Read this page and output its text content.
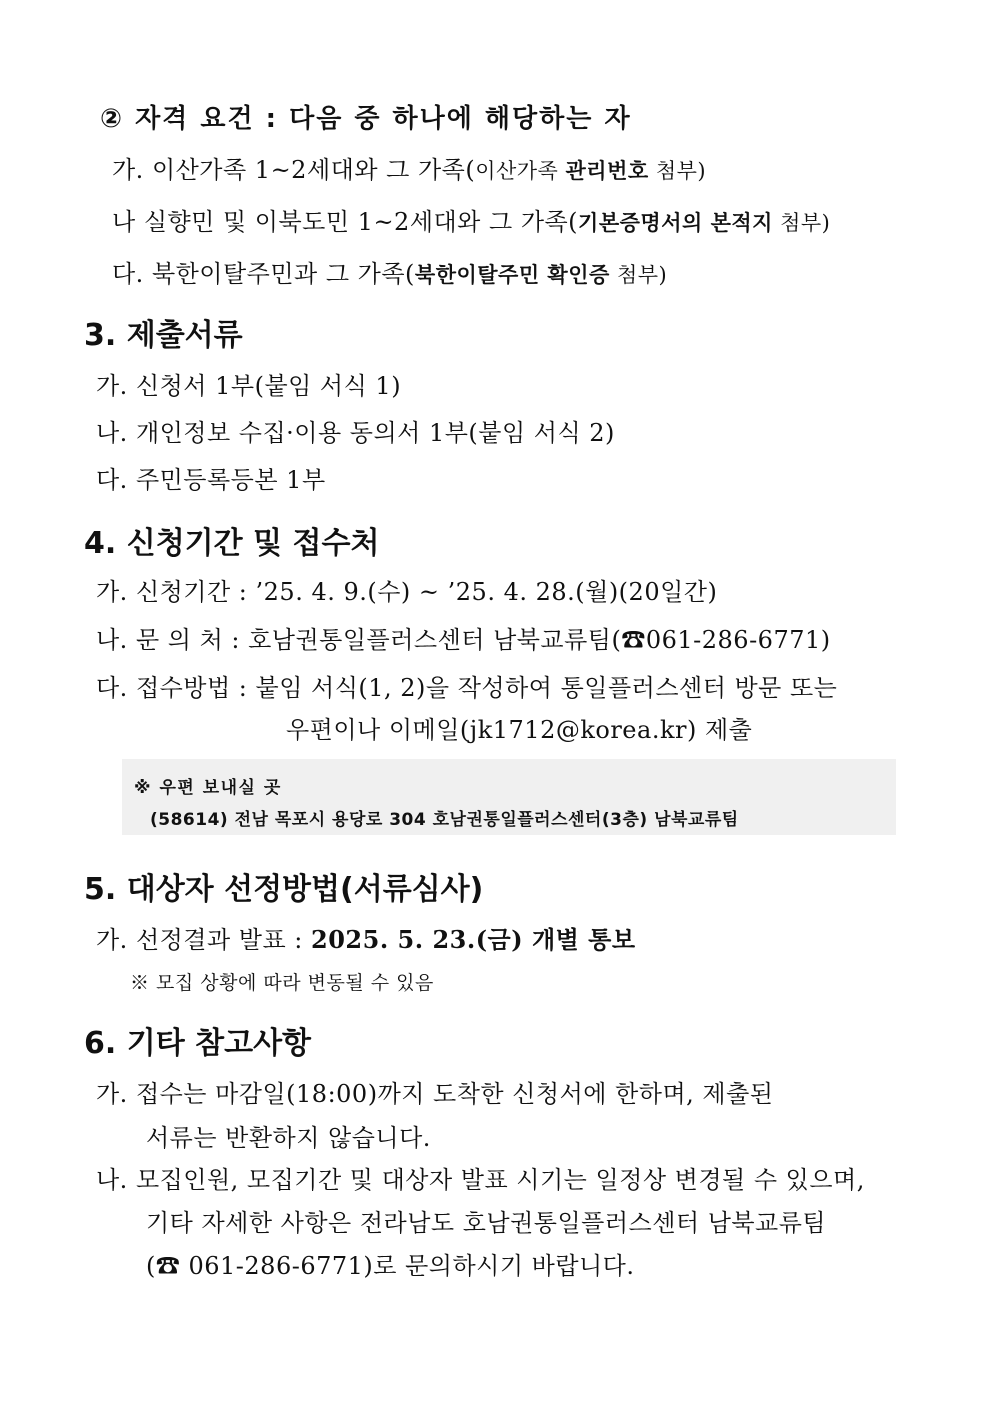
② 자격 요건 : 다음 중 하나에 해당하는 자
가. 이산가족 1~2세대와 그 가족(이산가족 관리번호 첨부)
나 실향민 및 이북도민 1~2세대와 그 가족(기본증명서의 본적지 첨부)
다. 북한이탈주민과 그 가족(북한이탈주민 확인증 첨부)
3. 제출서류
가. 신청서 1부(붙임 서식 1)
나. 개인정보 수집·이용 동의서 1부(붙임 서식 2)
다. 주민등록등본 1부
4. 신청기간 및 접수처
가. 신청기간 : ’25. 4. 9.(수) ~ ’25. 4. 28.(월)(20일간)
나. 문 의 처 : 호남권통일플러스센터 남북교류팀(☎061-286-6771)
다. 접수방법 : 붙임 서식(1, 2)을 작성하여 통일플러스센터 방문 또는
우편이나 이메일(jk1712@korea.kr) 제출
※ 우편 보내실 곳
(58614) 전남 목포시 용당로 304 호남권통일플러스센터(3층) 남북교류팀
5. 대상자 선정방법(서류심사)
가. 선정결과 발표 : 2025. 5. 23.(금) 개별 통보
※ 모집 상황에 따라 변동될 수 있음
6. 기타 참고사항
가. 접수는 마감일(18:00)까지 도착한 신청서에 한하며, 제출된
서류는 반환하지 않습니다.
나. 모집인원, 모집기간 및 대상자 발표 시기는 일정상 변경될 수 있으며,
기타 자세한 사항은 전라남도 호남권통일플러스센터 남북교류팀
(☎ 061-286-6771)로 문의하시기 바랍니다.
